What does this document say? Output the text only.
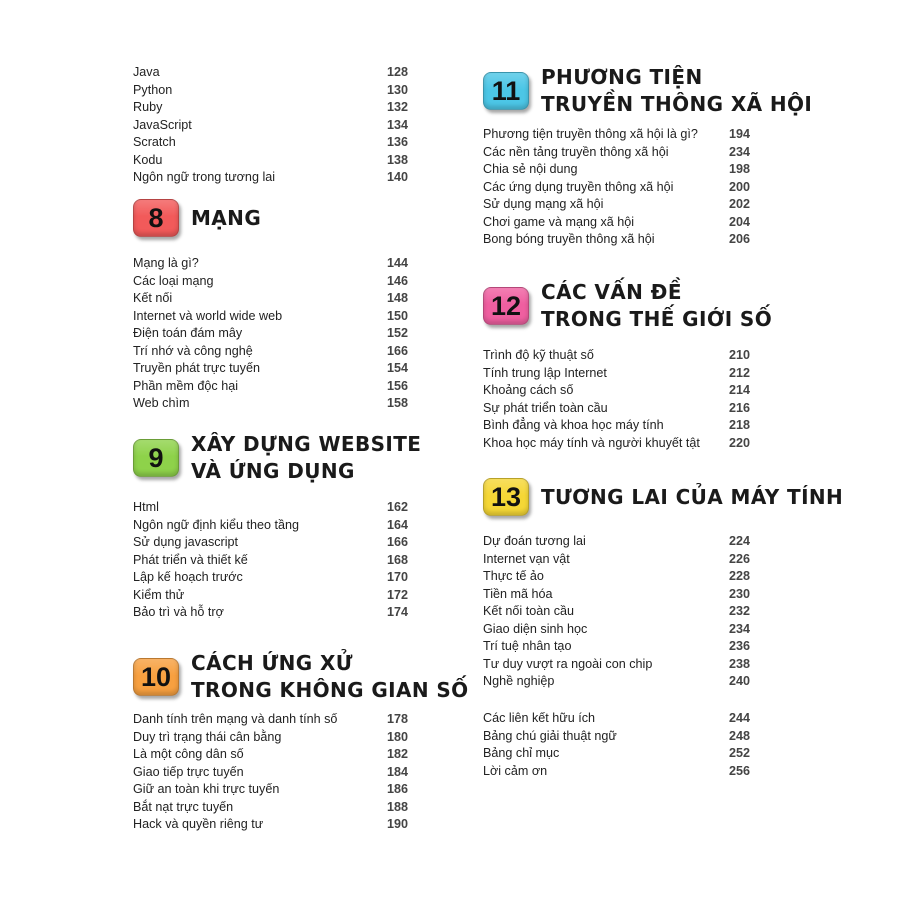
Java	128
Python	130
Ruby	132
JavaScript	134
Scratch	136
Kodu	138
Ngôn ngữ trong tương lai	140
8	MẠNG
Mạng là gì?	144
Các loại mạng	146
Kết nối	148
Internet và world wide web	150
Điện toán đám mây	152
Trí nhớ và công nghệ	166
Truyền phát trực tuyến	154
Phần mềm độc hại	156
Web chìm	158
9	XÂY DỰNG WEBSITE
VÀ ỨNG DỤNG
Html	162
Ngôn ngữ định kiểu theo tầng	164
Sử dụng javascript	166
Phát triển và thiết kế	168
Lập kế hoạch trước	170
Kiểm thử	172
Bảo trì và hỗ trợ	174
10 CÁCH ỨNG XỬ
TRONG KHÔNG GIAN SỐ
Danh tính trên mạng và danh tính số	178
Duy trì trạng thái cân bằng	180
Là một công dân số	182
Giao tiếp trực tuyến	184
Giữ an toàn khi trực tuyến	186
Bắt nạt trực tuyến	188
Hack và quyền riêng tư	190
11	PHƯƠNG TIỆN
TRUYỀN THÔNG XÃ HỘI
Phương tiện truyền thông xã hội là gì? 194
Các nền tảng truyền thông xã hội	234
Chia sẻ nội dung	198
Các ứng dụng truyền thông xã hội	200
Sử dụng mạng xã hội	202
Chơi game và mạng xã hội	204
Bong bóng truyền thông xã hội	206
12 CÁC VẤN ĐỀ
TRONG THẾ GIỚI SỐ
Trình độ kỹ thuật số	210
Tính trung lập Internet	212
Khoảng cách số	214
Sự phát triển toàn cầu	216
Bình đẳng và khoa học máy tính	218
Khoa học máy tính và người khuyết tật 220
13 TƯƠNG LAI CỦA MÁY TÍNH
Dự đoán tương lai	224
Internet vạn vật	226
Thực tế ảo	228
Tiền mã hóa	230
Kết nối toàn cầu	232
Giao diện sinh học	234
Trí tuệ nhân tạo	236
Tư duy vượt ra ngoài con chip	238
Nghề nghiệp	240
Các liên kết hữu ích	244
Bảng chú giải thuật ngữ	248
Bảng chỉ mục	252
Lời cảm ơn	256
